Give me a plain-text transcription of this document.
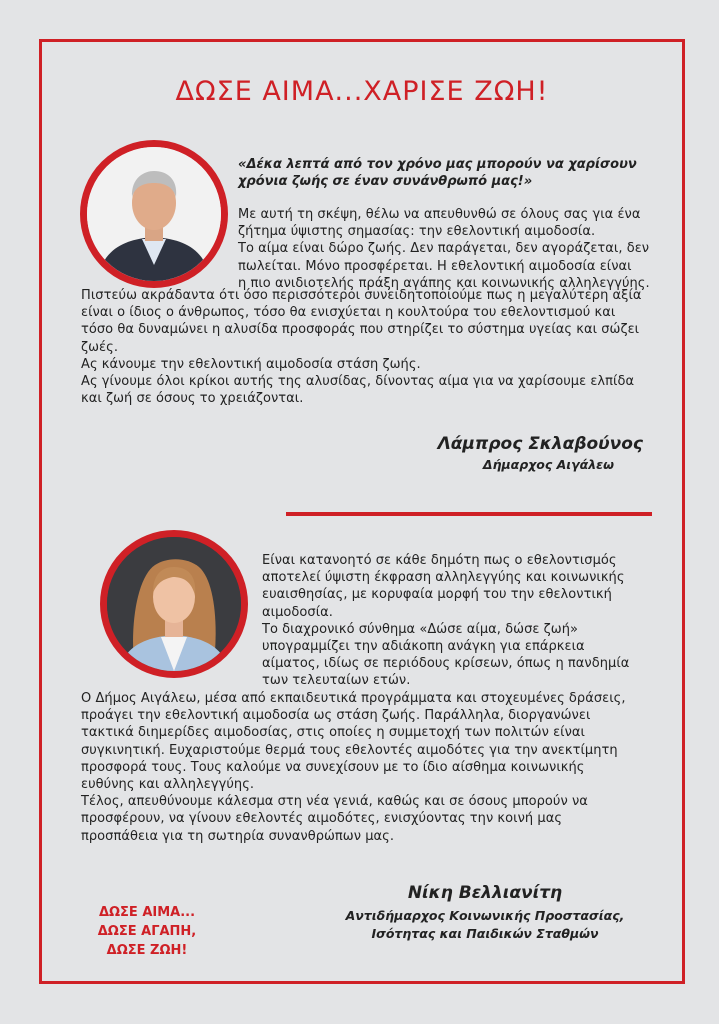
ΔΩΣΕ ΑΙΜΑ...ΧΑΡΙΣΕ ΖΩΗ!
«Δέκα λεπτά από τον χρόνο μας μπορούν να χαρίσουν
χρόνια ζωής σε έναν συνάνθρωπό μας!»
Με αυτή τη σκέψη, θέλω να απευθυνθώ σε όλους σας για ένα
ζήτημα ύψιστης σημασίας: την εθελοντική αιμοδοσία.
Το αίμα είναι δώρο ζωής. Δεν παράγεται, δεν αγοράζεται, δεν
πωλείται. Μόνο προσφέρεται. Η εθελοντική αιμοδοσία είναι
η πιο ανιδιοτελής πράξη αγάπης και κοινωνικής αλληλεγγύης.
Πιστεύω ακράδαντα ότι όσο περισσότεροι συνειδητοποιούμε πως η μεγαλύτερη αξία
είναι ο ίδιος ο άνθρωπος, τόσο θα ενισχύεται η κουλτούρα του εθελοντισμού και
τόσο θα δυναμώνει η αλυσίδα προσφοράς που στηρίζει το σύστημα υγείας και σώζει
ζωές.
Ας κάνουμε την εθελοντική αιμοδοσία στάση ζωής.
Ας γίνουμε όλοι κρίκοι αυτής της αλυσίδας, δίνοντας αίμα για να χαρίσουμε ελπίδα
και ζωή σε όσους το χρειάζονται.
Λάμπρος Σκλαβούνος
Δήμαρχος Αιγάλεω
Είναι κατανοητό σε κάθε δημότη πως ο εθελοντισμός
αποτελεί ύψιστη έκφραση αλληλεγγύης και κοινωνικής
ευαισθησίας, με κορυφαία μορφή του την εθελοντική
αιμοδοσία.
Το διαχρονικό σύνθημα «Δώσε αίμα, δώσε ζωή»
υπογραμμίζει την αδιάκοπη ανάγκη για επάρκεια
αίματος, ιδίως σε περιόδους κρίσεων, όπως η πανδημία
των τελευταίων ετών.
Ο Δήμος Αιγάλεω, μέσα από εκπαιδευτικά προγράμματα και στοχευμένες δράσεις,
προάγει την εθελοντική αιμοδοσία ως στάση ζωής. Παράλληλα, διοργανώνει
τακτικά διημερίδες αιμοδοσίας, στις οποίες η συμμετοχή των πολιτών είναι
συγκινητική. Ευχαριστούμε θερμά τους εθελοντές αιμοδότες για την ανεκτίμητη
προσφορά τους. Τους καλούμε να συνεχίσουν με το ίδιο αίσθημα κοινωνικής
ευθύνης και αλληλεγγύης.
Τέλος, απευθύνουμε κάλεσμα στη νέα γενιά, καθώς και σε όσους μπορούν να
προσφέρουν, να γίνουν εθελοντές αιμοδότες, ενισχύοντας την κοινή μας
προσπάθεια για τη σωτηρία συνανθρώπων μας.
ΔΩΣΕ ΑΙΜΑ...
ΔΩΣΕ ΑΓΑΠΗ,
ΔΩΣΕ ΖΩΗ!
Νίκη Βελλιανίτη
Αντιδήμαρχος Κοινωνικής Προστασίας,
Ισότητας και Παιδικών Σταθμών
